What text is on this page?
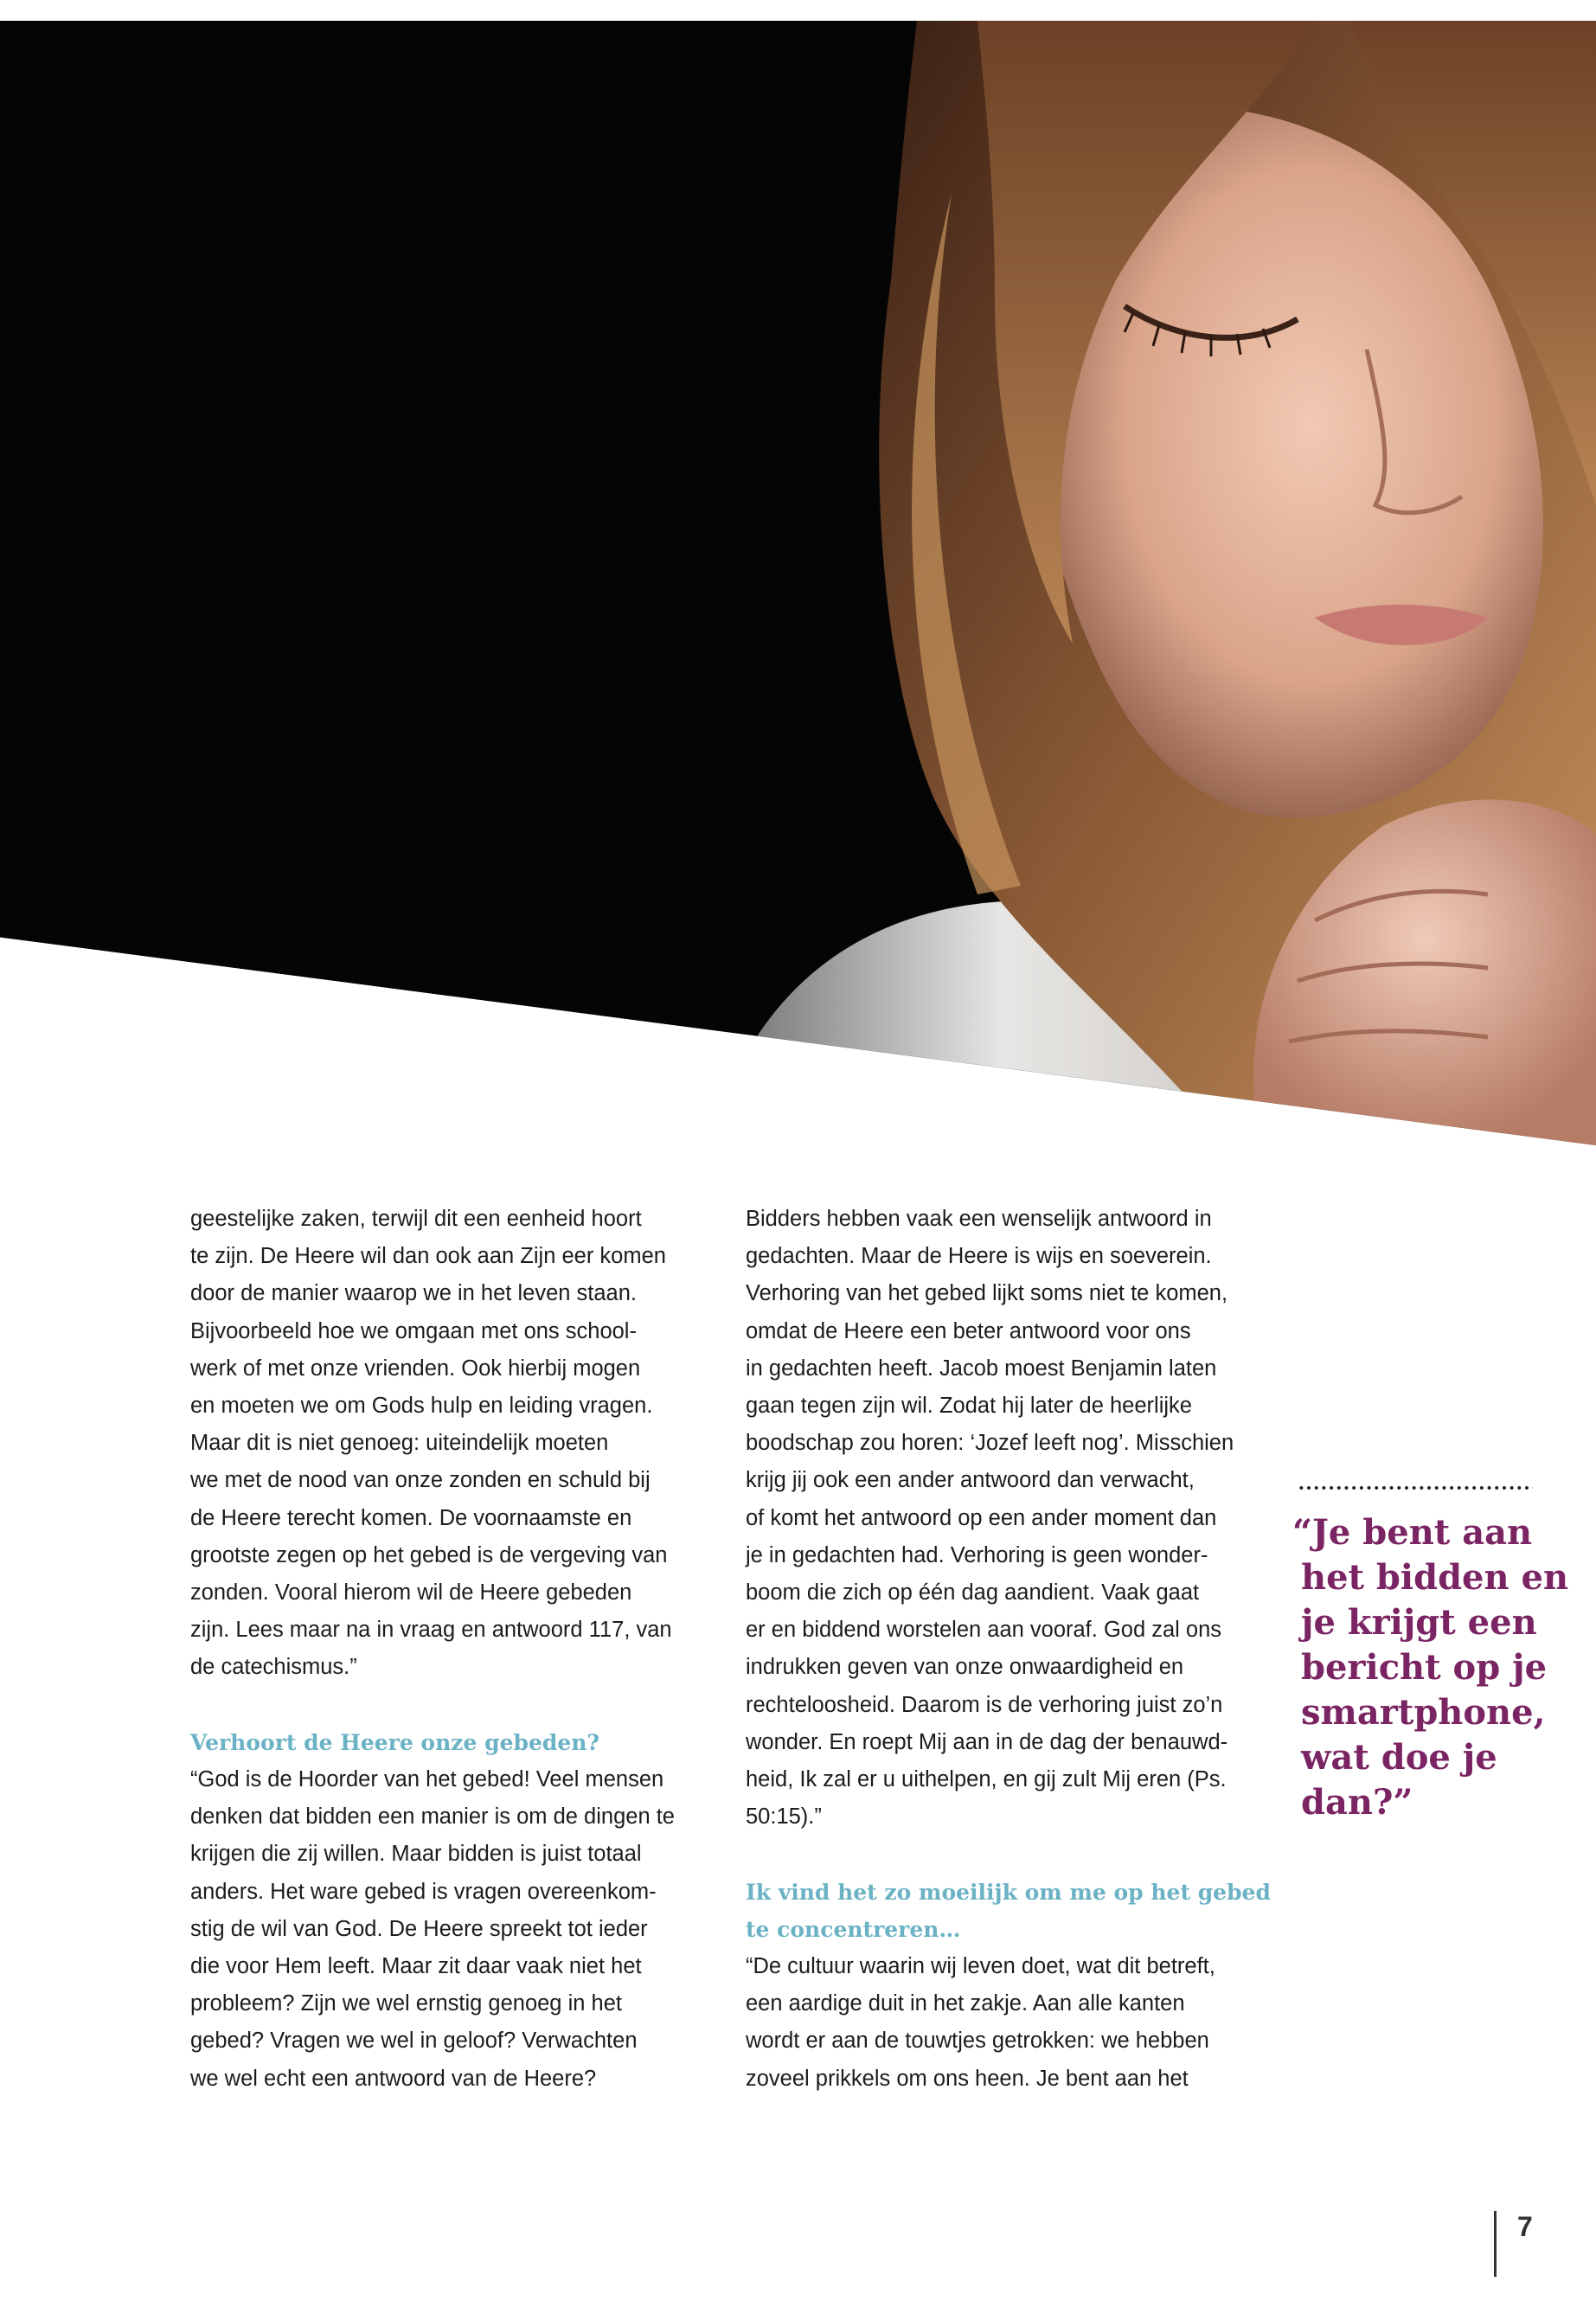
geestelijke zaken, terwijl dit een eenheid hoort
te zijn. De Heere wil dan ook aan Zijn eer komen
door de manier waarop we in het leven staan.
Bijvoorbeeld hoe we omgaan met ons school-
werk of met onze vrienden. Ook hierbij mogen
en moeten we om Gods hulp en leiding vragen.
Maar dit is niet genoeg: uiteindelijk moeten
we met de nood van onze zonden en schuld bij
de Heere terecht komen. De voornaamste en
grootste zegen op het gebed is de vergeving van
zonden. Vooral hierom wil de Heere gebeden
zijn. Lees maar na in vraag en antwoord 117, van
de catechismus.”
Verhoort de Heere onze gebeden?
“God is de Hoorder van het gebed! Veel mensen
denken dat bidden een manier is om de dingen te
krijgen die zij willen. Maar bidden is juist totaal
anders. Het ware gebed is vragen overeenkom-
stig de wil van God. De Heere spreekt tot ieder
die voor Hem leeft. Maar zit daar vaak niet het
probleem? Zijn we wel ernstig genoeg in het
gebed? Vragen we wel in geloof? Verwachten
we wel echt een antwoord van de Heere?
Bidders hebben vaak een wenselijk antwoord in
gedachten. Maar de Heere is wijs en soeverein.
Verhoring van het gebed lijkt soms niet te komen,
omdat de Heere een beter antwoord voor ons
in gedachten heeft. Jacob moest Benjamin laten
gaan tegen zijn wil. Zodat hij later de heerlijke
boodschap zou horen: ‘Jozef leeft nog’. Misschien
krijg jij ook een ander antwoord dan verwacht,
of komt het antwoord op een ander moment dan
je in gedachten had. Verhoring is geen wonder-
boom die zich op één dag aandient. Vaak gaat
er en biddend worstelen aan vooraf. God zal ons
indrukken geven van onze onwaardigheid en
rechteloosheid. Daarom is de verhoring juist zo’n
wonder. En roept Mij aan in de dag der benauwd-
heid, Ik zal er u uithelpen, en gij zult Mij eren (Ps.
50:15).”
Ik vind het zo moeilijk om me op het gebed
te concentreren…
“De cultuur waarin wij leven doet, wat dit betreft,
een aardige duit in het zakje. Aan alle kanten
wordt er aan de touwtjes getrokken: we hebben
zoveel prikkels om ons heen. Je bent aan het
“Je bent aan
het bidden en
je krijgt een
bericht op je
smartphone,
wat doe je
dan?”
7
